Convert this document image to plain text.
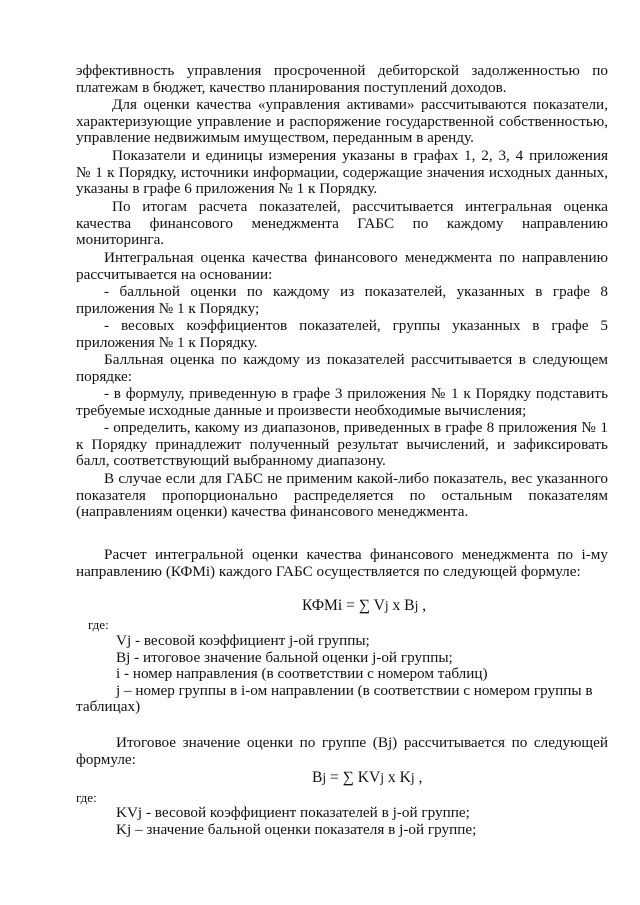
эффективность управления просроченной дебиторской задолженностью по
платежам в бюджет, качество планирования поступлений доходов.
Для оценки качества «управления активами» рассчитываются показатели,
характеризующие управление и распоряжение государственной собственностью,
управление недвижимым имуществом, переданным в аренду.
Показатели и единицы измерения указаны в графах 1, 2, 3, 4 приложения
№ 1 к Порядку, источники информации, содержащие значения исходных данных,
указаны в графе 6 приложения № 1 к Порядку.
По итогам расчета показателей, рассчитывается интегральная оценка
качества финансового менеджмента ГАБС по каждому направлению
мониторинга.
Интегральная оценка качества финансового менеджмента по направлению
рассчитывается на основании:
- балльной оценки по каждому из показателей, указанных в графе 8
приложения № 1 к Порядку;
- весовых коэффициентов показателей, группы указанных в графе 5
приложения № 1 к Порядку.
Балльная оценка по каждому из показателей рассчитывается в следующем
порядке:
- в формулу, приведенную в графе 3 приложения № 1 к Порядку подставить
требуемые исходные данные и произвести необходимые вычисления;
- определить, какому из диапазонов, приведенных в графе 8 приложения № 1
к Порядку принадлежит полученный результат вычислений, и зафиксировать
балл, соответствующий выбранному диапазону.
В случае если для ГАБС не применим какой-либо показатель, вес указанного
показателя пропорционально распределяется по остальным показателям
(направлениям оценки) качества финансового менеджмента.
Расчет интегральной оценки качества финансового менеджмента по i-му
направлению (КФМi) каждого ГАБС осуществляется по следующей формуле:
КФМi = ∑ Vj x Bj ,
где:
Vj - весовой коэффициент j-ой группы;
Bj - итоговое значение бальной оценки j-ой группы;
i - номер направления (в соответствии с номером таблиц)
j – номер группы в i-ом направлении (в соответствии с номером группы в
таблицах)
Итоговое значение оценки по группе (Bj) рассчитывается по следующей
формуле:
Bj = ∑ KVj x Kj ,
где:
KVj - весовой коэффициент показателей в j-ой группе;
Kj – значение бальной оценки показателя в j-ой группе;
